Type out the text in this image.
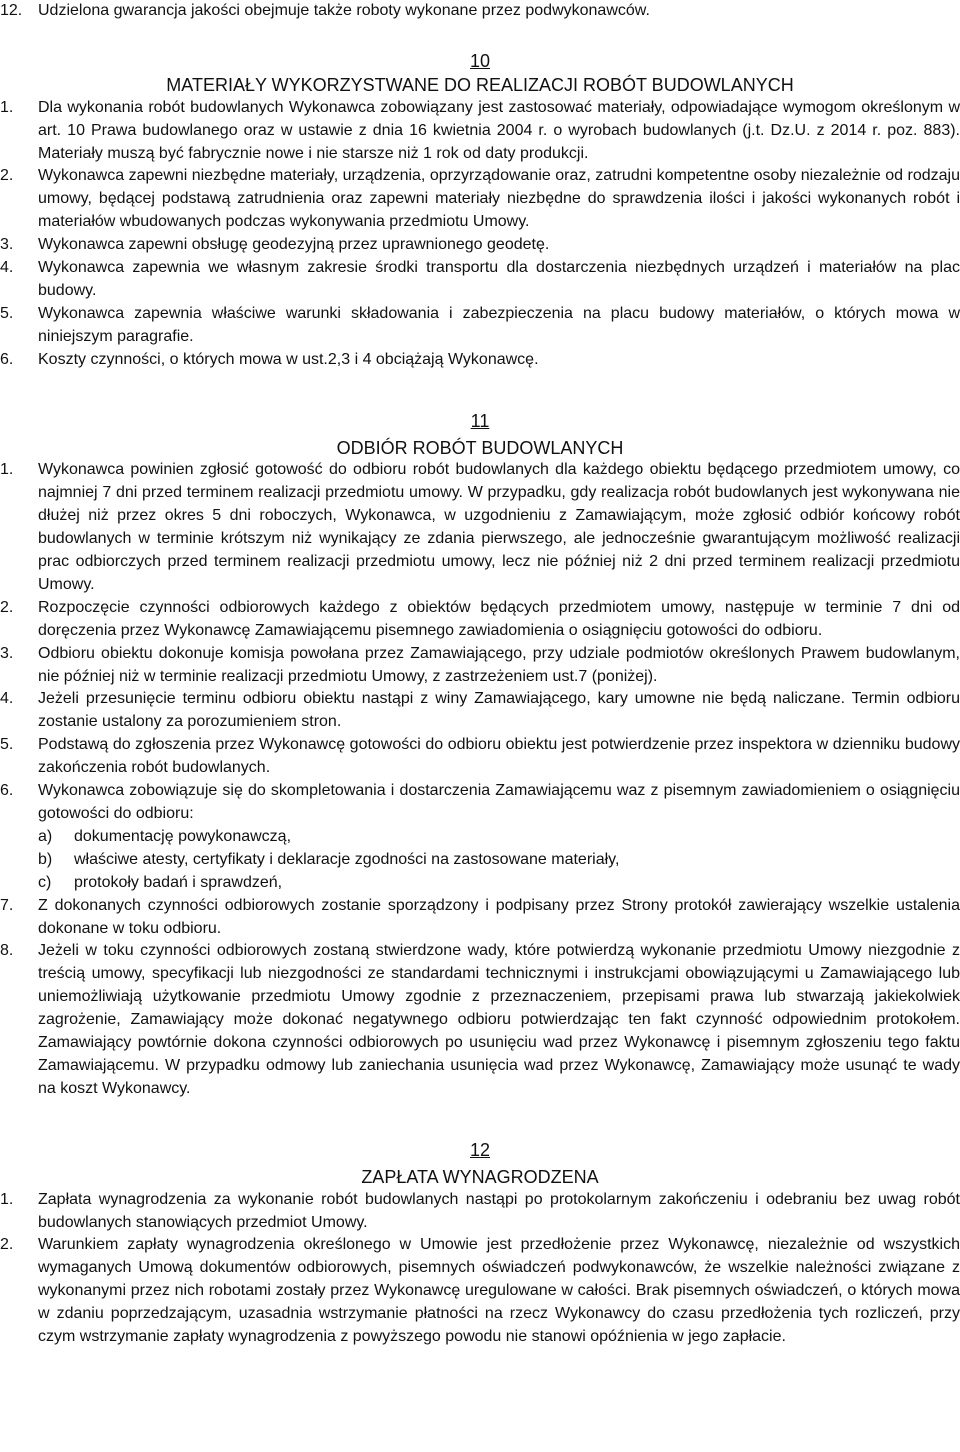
12. Udzielona gwarancja jakości obejmuje także roboty wykonane przez podwykonawców.
10
MATERIAŁY WYKORZYSTWANE DO REALIZACJI ROBÓT BUDOWLANYCH
1.	Dla wykonania robót budowlanych Wykonawca zobowiązany jest zastosować materiały, odpowiadające wymogom określonym w art. 10 Prawa budowlanego oraz w ustawie z dnia 16 kwietnia 2004 r. o wyrobach budowlanych (j.t. Dz.U. z 2014 r. poz. 883). Materiały muszą być fabrycznie nowe i nie starsze niż 1 rok od daty produkcji.
2.	Wykonawca zapewni niezbędne materiały, urządzenia, oprzyrządowanie oraz, zatrudni kompetentne osoby niezależnie od rodzaju umowy, będącej podstawą zatrudnienia oraz zapewni materiały niezbędne do sprawdzenia ilości i jakości wykonanych robót i materiałów wbudowanych podczas wykonywania przedmiotu Umowy.
3.	Wykonawca zapewni obsługę geodezyjną przez uprawnionego geodetę.
4.	Wykonawca zapewnia we własnym zakresie środki transportu dla dostarczenia niezbędnych urządzeń i materiałów na plac budowy.
5.	Wykonawca zapewnia właściwe warunki składowania i zabezpieczenia na placu budowy materiałów, o których mowa w niniejszym paragrafie.
6.	Koszty czynności, o których mowa w ust.2,3 i 4 obciążają Wykonawcę.
11
ODBIÓR ROBÓT BUDOWLANYCH
1.	Wykonawca powinien zgłosić gotowość do odbioru robót budowlanych dla każdego obiektu będącego przedmiotem umowy, co najmniej 7 dni przed terminem realizacji przedmiotu umowy. W przypadku, gdy realizacja robót budowlanych jest wykonywana nie dłużej niż przez okres 5 dni roboczych, Wykonawca, w uzgodnieniu z Zamawiającym, może zgłosić odbiór końcowy robót budowlanych w terminie krótszym niż wynikający ze zdania pierwszego, ale jednocześnie gwarantującym możliwość realizacji prac odbiorczych przed terminem realizacji przedmiotu umowy, lecz nie później niż 2 dni przed terminem realizacji przedmiotu Umowy.
2.	Rozpoczęcie czynności odbiorowych każdego z obiektów będących przedmiotem umowy, następuje w terminie 7 dni od doręczenia przez Wykonawcę Zamawiającemu pisemnego zawiadomienia o osiągnięciu gotowości do odbioru.
3.	Odbioru obiektu dokonuje komisja powołana przez Zamawiającego, przy udziale podmiotów określonych Prawem budowlanym, nie później niż w terminie realizacji przedmiotu Umowy, z zastrzeżeniem ust.7 (poniżej).
4.	Jeżeli przesunięcie terminu odbioru obiektu nastąpi z winy Zamawiającego, kary umowne nie będą naliczane. Termin odbioru zostanie ustalony za porozumieniem stron.
5.	Podstawą do zgłoszenia przez Wykonawcę gotowości do odbioru obiektu jest potwierdzenie przez inspektora w dzienniku budowy zakończenia robót budowlanych.
6.	Wykonawca zobowiązuje się do skompletowania i dostarczenia Zamawiającemu waz z pisemnym zawiadomieniem o osiągnięciu gotowości do odbioru:
a)	dokumentację powykonawczą,
b)	właściwe atesty, certyfikaty i deklaracje zgodności na zastosowane materiały,
c)	protokoły badań i sprawdzeń,
7.	Z dokonanych czynności odbiorowych zostanie sporządzony i podpisany przez Strony protokół zawierający wszelkie ustalenia dokonane w toku odbioru.
8.	Jeżeli w toku czynności odbiorowych zostaną stwierdzone wady, które potwierdzą wykonanie przedmiotu Umowy niezgodnie z treścią umowy, specyfikacji lub niezgodności ze standardami technicznymi i instrukcjami obowiązującymi u Zamawiającego lub uniemożliwiają użytkowanie przedmiotu Umowy zgodnie z przeznaczeniem, przepisami prawa lub stwarzają jakiekolwiek zagrożenie, Zamawiający może dokonać negatywnego odbioru potwierdzając ten fakt czynność odpowiednim protokołem. Zamawiający powtórnie dokona czynności odbiorowych po usunięciu wad przez Wykonawcę i pisemnym zgłoszeniu tego faktu Zamawiającemu. W przypadku odmowy lub zaniechania usunięcia wad przez Wykonawcę, Zamawiający może usunąć te wady na koszt Wykonawcy.
12
ZAPŁATA WYNAGRODZENA
1.	Zapłata wynagrodzenia za wykonanie robót budowlanych nastąpi po protokolarnym zakończeniu i odebraniu bez uwag robót budowlanych stanowiących przedmiot Umowy.
2.	Warunkiem zapłaty wynagrodzenia określonego w Umowie jest przedłożenie przez Wykonawcę, niezależnie od wszystkich wymaganych Umową dokumentów odbiorowych, pisemnych oświadczeń podwykonawców, że wszelkie należności związane z wykonanymi przez nich robotami zostały przez Wykonawcę uregulowane w całości. Brak pisemnych oświadczeń, o których mowa w zdaniu poprzedzającym, uzasadnia wstrzymanie płatności na rzecz Wykonawcy do czasu przedłożenia tych rozliczeń, przy czym wstrzymanie zapłaty wynagrodzenia z powyższego powodu nie stanowi opóźnienia w jego zapłacie.
